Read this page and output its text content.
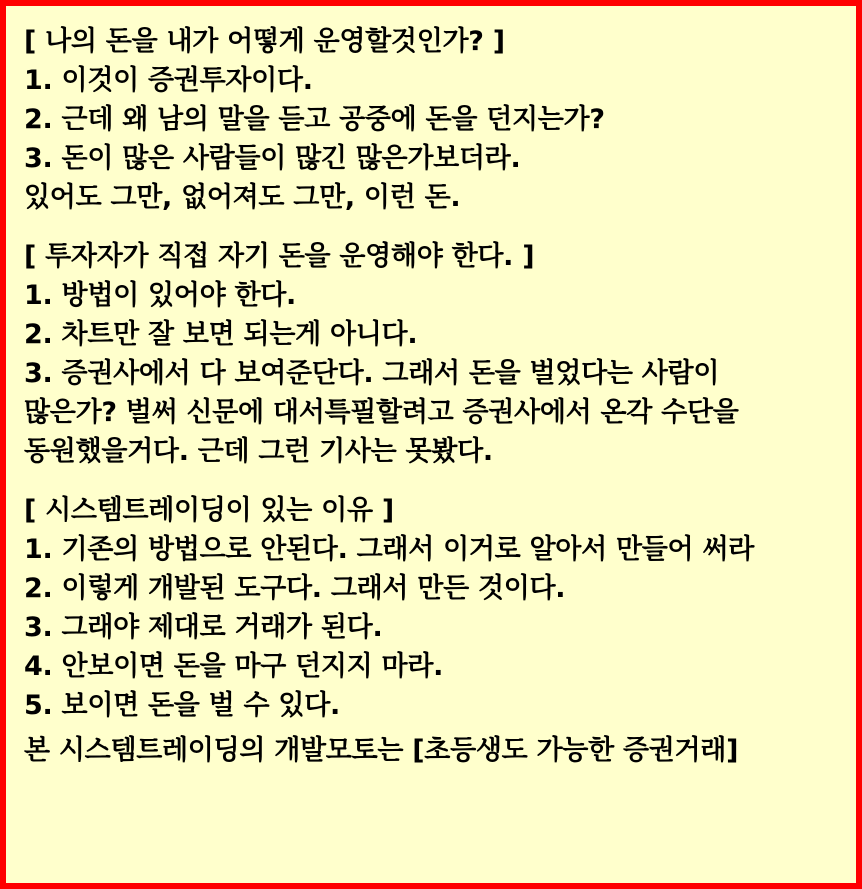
[ 나의 돈을 내가 어떻게 운영할것인가? ]
1. 이것이 증권투자이다.
2. 근데 왜 남의 말을 듣고 공중에 돈을 던지는가?
3. 돈이 많은 사람들이 많긴 많은가보더라.
있어도 그만, 없어져도 그만, 이런 돈.
[ 투자자가 직접 자기 돈을 운영해야 한다. ]
1. 방법이 있어야 한다.
2. 차트만 잘 보면 되는게 아니다.
3. 증권사에서 다 보여준단다. 그래서 돈을 벌었다는 사람이
많은가? 벌써 신문에 대서특필할려고 증권사에서 온각 수단을
동원했을거다. 근데 그런 기사는 못봤다.
[ 시스템트레이딩이 있는 이유 ]
1. 기존의 방법으로 안된다. 그래서 이거로 알아서 만들어 써라
2. 이렇게 개발된 도구다. 그래서 만든 것이다.
3. 그래야 제대로 거래가 된다.
4. 안보이면 돈을 마구 던지지 마라.
5. 보이면 돈을 벌 수 있다.
본 시스템트레이딩의 개발모토는 [초등생도 가능한 증권거래]
